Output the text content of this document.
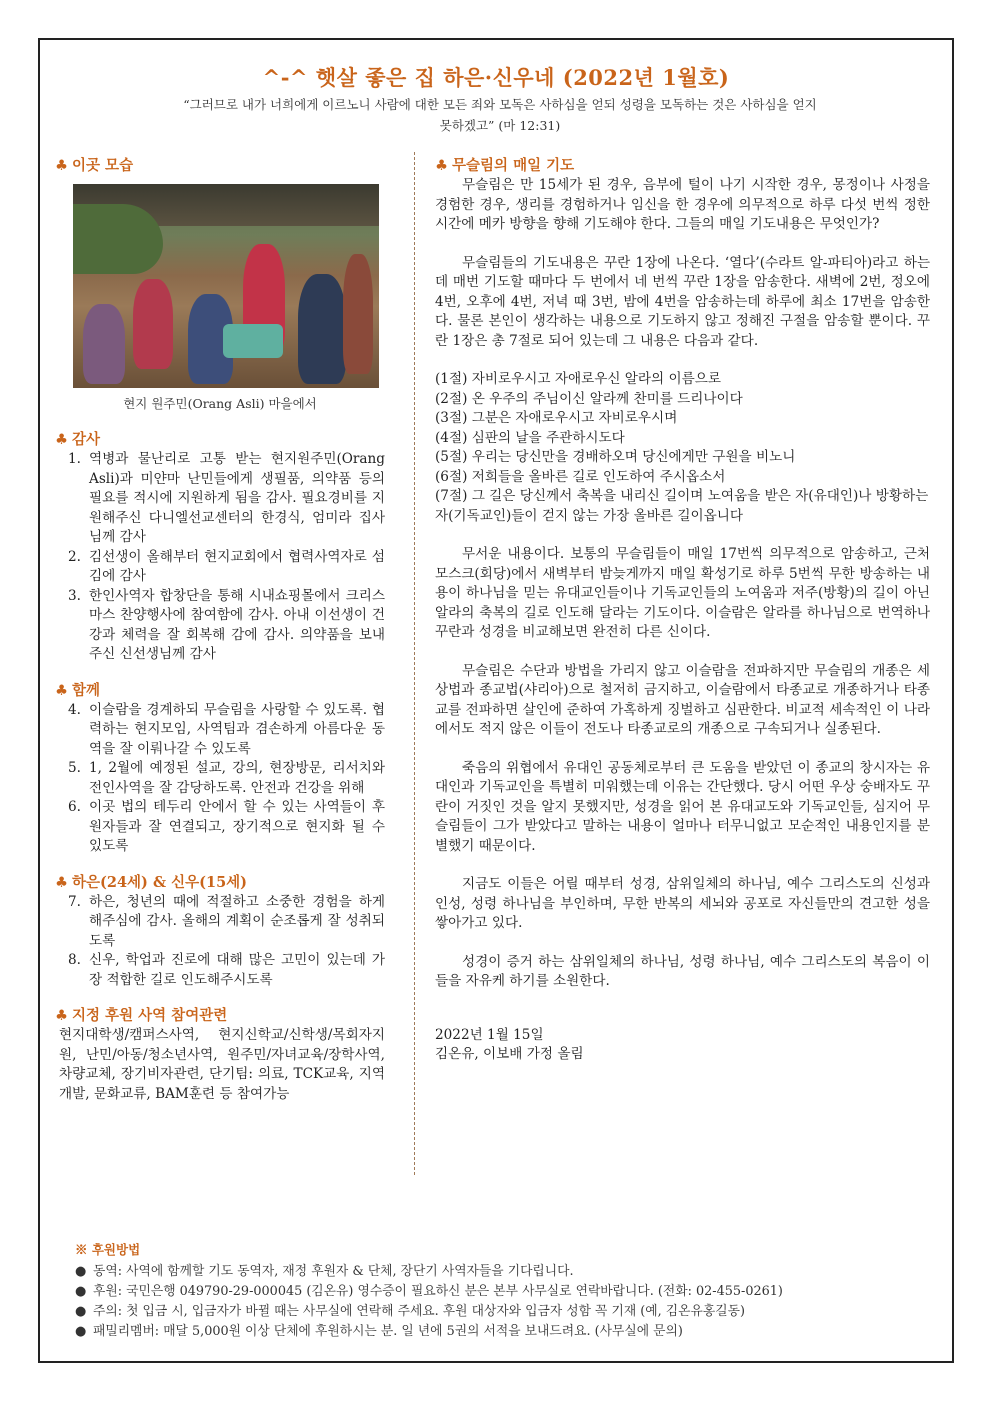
^-^ 햇살 좋은 집 하은·신우네 (2022년 1월호)
“그러므로 내가 너희에게 이르노니 사람에 대한 모든 죄와 모독은 사하심을 얻되 성령을 모독하는 것은 사하심을 얻지
못하겠고” (마 12:31)

♣ 이곳 모습

현지 원주민(Orang Asli) 마을에서

♣ 감사

1. 역병과 물난리로 고통 받는 현지원주민(Orang Asli)과 미얀마 난민들에게 생필품, 의약품 등의 필요를 적시에 지원하게 됨을 감사. 필요경비를 지원해주신 다니엘선교센터의 한경식, 엄미라 집사님께 감사
2. 김선생이 올해부터 현지교회에서 협력사역자로 섬김에 감사
3. 한인사역자 합창단을 통해 시내쇼핑몰에서 크리스마스 찬양행사에 참여함에 감사. 아내 이선생이 건강과 체력을 잘 회복해 감에 감사. 의약품을 보내주신 신선생님께 감사

♣ 함께

4. 이슬람을 경계하되 무슬림을 사랑할 수 있도록. 협력하는 현지모임, 사역팀과 겸손하게 아름다운 동역을 잘 이뤄나갈 수 있도록
5. 1, 2월에 예정된 설교, 강의, 현장방문, 리서치와 전인사역을 잘 감당하도록. 안전과 건강을 위해
6. 이곳 법의 테두리 안에서 할 수 있는 사역들이 후원자들과 잘 연결되고, 장기적으로 현지화 될 수 있도록

♣ 하은(24세) & 신우(15세)

7. 하은, 청년의 때에 적절하고 소중한 경험을 하게 해주심에 감사. 올해의 계획이 순조롭게 잘 성취되도록
8. 신우, 학업과 진로에 대해 많은 고민이 있는데 가장 적합한 길로 인도해주시도록

♣ 지정 후원 사역 참여관련

현지대학생/캠퍼스사역, 현지신학교/신학생/목회자지원, 난민/아동/청소년사역, 원주민/자녀교육/장학사역, 차량교체, 장기비자관련, 단기팀: 의료, TCK교육, 지역개발, 문화교류, BAM훈련 등 참여가능

♣ 무슬림의 매일 기도

무슬림은 만 15세가 된 경우, 음부에 털이 나기 시작한 경우, 몽정이나 사정을 경험한 경우, 생리를 경험하거나 임신을 한 경우에 의무적으로 하루 다섯 번씩 정한 시간에 메카 방향을 향해 기도해야 한다. 그들의 매일 기도내용은 무엇인가?

무슬림들의 기도내용은 꾸란 1장에 나온다. ‘열다’(수라트 알-파티아)라고 하는데 매번 기도할 때마다 두 번에서 네 번씩 꾸란 1장을 암송한다. 새벽에 2번, 정오에 4번, 오후에 4번, 저녁 때 3번, 밤에 4번을 암송하는데 하루에 최소 17번을 암송한다. 물론 본인이 생각하는 내용으로 기도하지 않고 정해진 구절을 암송할 뿐이다. 꾸란 1장은 총 7절로 되어 있는데 그 내용은 다음과 같다.

(1절) 자비로우시고 자애로우신 알라의 이름으로

(2절) 온 우주의 주님이신 알라께 찬미를 드리나이다

(3절) 그분은 자애로우시고 자비로우시며

(4절) 심판의 날을 주관하시도다

(5절) 우리는 당신만을 경배하오며 당신에게만 구원을 비노니

(6절) 저희들을 올바른 길로 인도하여 주시옵소서

(7절) 그 길은 당신께서 축복을 내리신 길이며 노여움을 받은 자(유대인)나 방황하는 자(기독교인)들이 걷지 않는 가장 올바른 길이옵니다

무서운 내용이다. 보통의 무슬림들이 매일 17번씩 의무적으로 암송하고, 근처 모스크(회당)에서 새벽부터 밤늦게까지 매일 확성기로 하루 5번씩 무한 방송하는 내용이 하나님을 믿는 유대교인들이나 기독교인들의 노여움과 저주(방황)의 길이 아닌 알라의 축복의 길로 인도해 달라는 기도이다. 이슬람은 알라를 하나님으로 번역하나 꾸란과 성경을 비교해보면 완전히 다른 신이다.

무슬림은 수단과 방법을 가리지 않고 이슬람을 전파하지만 무슬림의 개종은 세상법과 종교법(샤리아)으로 철저히 금지하고, 이슬람에서 타종교로 개종하거나 타종교를 전파하면 살인에 준하여 가혹하게 징벌하고 심판한다. 비교적 세속적인 이 나라에서도 적지 않은 이들이 전도나 타종교로의 개종으로 구속되거나 실종된다.

죽음의 위협에서 유대인 공동체로부터 큰 도움을 받았던 이 종교의 창시자는 유대인과 기독교인을 특별히 미워했는데 이유는 간단했다. 당시 어떤 우상 숭배자도 꾸란이 거짓인 것을 알지 못했지만, 성경을 읽어 본 유대교도와 기독교인들, 심지어 무슬림들이 그가 받았다고 말하는 내용이 얼마나 터무니없고 모순적인 내용인지를 분별했기 때문이다.

지금도 이들은 어릴 때부터 성경, 삼위일체의 하나님, 예수 그리스도의 신성과 인성, 성령 하나님을 부인하며, 무한 반복의 세뇌와 공포로 자신들만의 견고한 성을 쌓아가고 있다.

성경이 증거 하는 삼위일체의 하나님, 성령 하나님, 예수 그리스도의 복음이 이들을 자유케 하기를 소원한다.

2022년 1월 15일

김온유, 이보배 가정 올림

※ 후원방법
● 동역: 사역에 함께할 기도 동역자, 재정 후원자 & 단체, 장단기 사역자들을 기다립니다.
● 후원: 국민은행 049790-29-000045 (김온유) 영수증이 필요하신 분은 본부 사무실로 연락바랍니다. (전화: 02-455-0261)
● 주의: 첫 입금 시, 입금자가 바뀔 때는 사무실에 연락해 주세요. 후원 대상자와 입금자 성함 꼭 기재 (예, 김온유홍길동)
● 패밀리멤버: 매달 5,000원 이상 단체에 후원하시는 분. 일 년에 5권의 서적을 보내드려요. (사무실에 문의)
